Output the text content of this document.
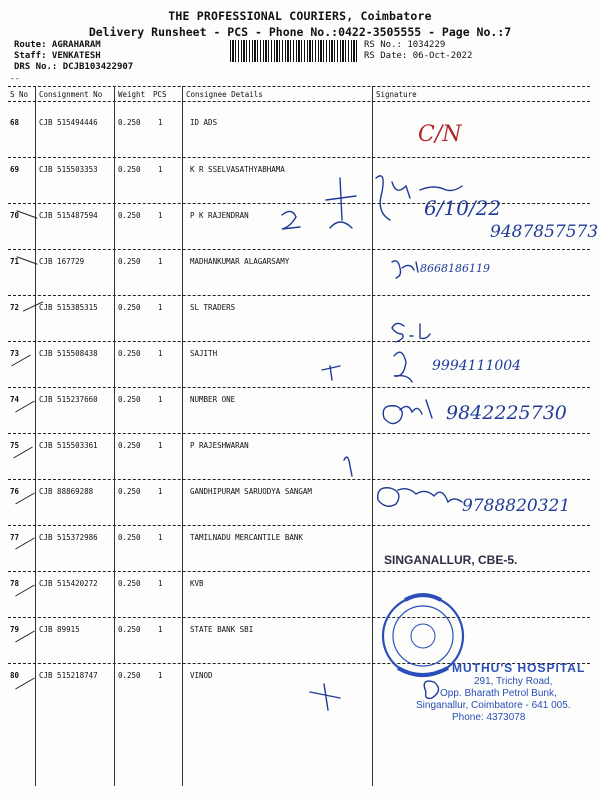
THE PROFESSIONAL COURIERS, Coimbatore
Delivery Runsheet - PCS - Phone No.:0422-3505555 - Page No.:7
Route: AGRAHARAM
Staff: VENKATESH
DRS No.: DCJB103422907
RS No.: 1034229
RS Date: 06-Oct-2022
--
S No Consignment No Weight PCS	Consignee Details	Signature
68	CJB 515494446	0.250 1	ID ADS
69	CJB 515503353	0.250 1	K R SSELVASATHYABHAMA
70	CJB 515487594	0.250 1	P K RAJENDRAN
71	CJB 167729	0.250 1	MADHANKUMAR ALAGARSAMY
72	CJB 515385315	0.250 1	SL TRADERS
73	CJB 515508438	0.250 1	SAJITH
74	CJB 515237660	0.250 1	NUMBER ONE
75	CJB 515503361	0.250 1	P RAJESHWARAN
76	CJB 88869288	0.250 1	GANDHIPURAM SARUODYA SANGAM
77	CJB 515372986	0.250 1	TAMILNADU MERCANTILE BANK
78	CJB 515420272	0.250 1	KVB
79	CJB 89915	0.250 1	STATE BANK SBI
80	CJB 515218747	0.250 1	VINOD
C/N
6/10/22
9487857573
8668186119
9994111004
9842225730
9788820321
SINGANALLUR, CBE-5.
MUTHU'S HOSPITAL
291, Trichy Road,
Opp. Bharath Petrol Bunk,
Singanallur, Coimbatore - 641 005.
Phone: 4373078
